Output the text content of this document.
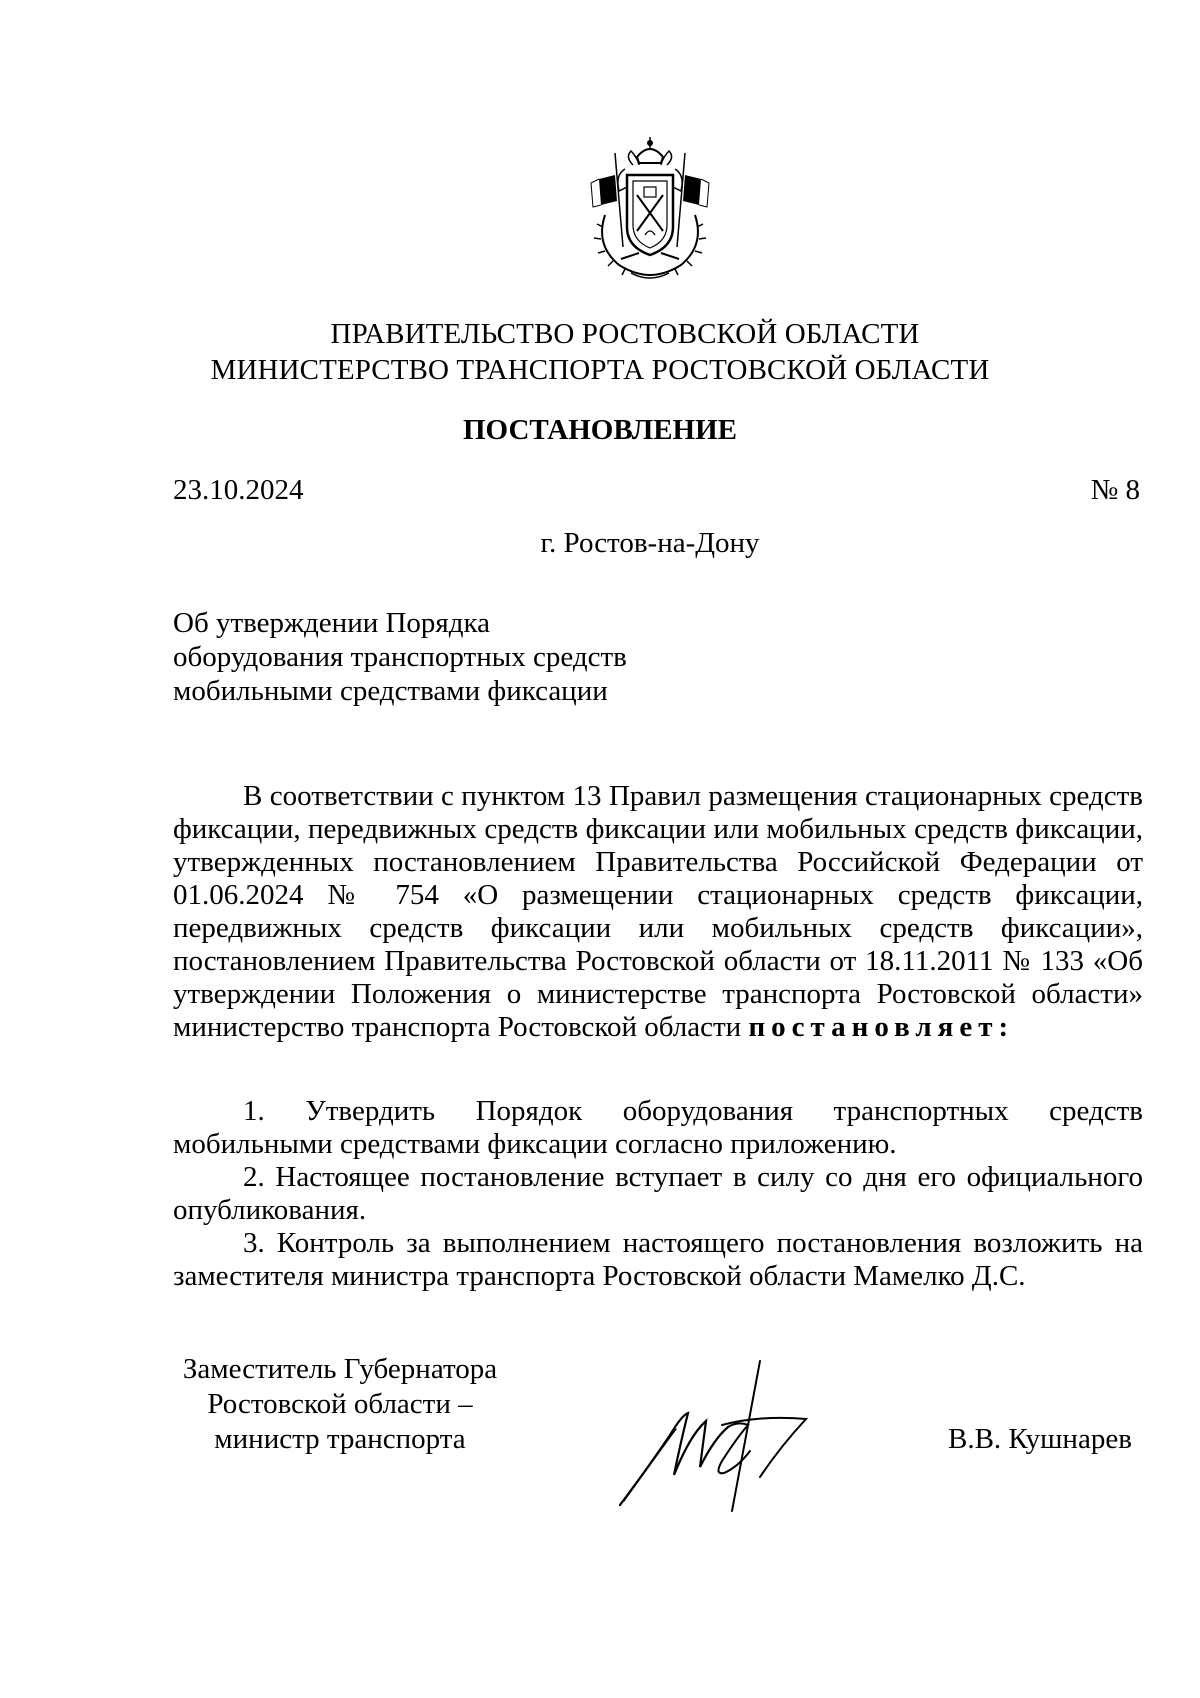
ПРАВИТЕЛЬСТВО РОСТОВСКОЙ ОБЛАСТИ
МИНИСТЕРСТВО ТРАНСПОРТА РОСТОВСКОЙ ОБЛАСТИ
ПОСТАНОВЛЕНИЕ
23.10.2024	№ 8
г. Ростов-на-Дону
Об утверждении Порядка
оборудования транспортных средств
мобильными средствами фиксации

В соответствии с пунктом 13 Правил размещения стационарных средств фиксации, передвижных средств фиксации или мобильных средств фиксации, утвержденных постановлением Правительства Российской Федерации от 01.06.2024 № 754 «О размещении стационарных средств фиксации, передвижных средств фиксации или мобильных средств фиксации», постановлением Правительства Ростовской области от 18.11.2011 № 133 «Об утверждении Положения о министерстве транспорта Ростовской области» министерство транспорта Ростовской области постановляет:

1. Утвердить Порядок оборудования транспортных средств мобильными средствами фиксации согласно приложению.

2. Настоящее постановление вступает в силу со дня его официального опубликования.

3. Контроль за выполнением настоящего постановления возложить на заместителя министра транспорта Ростовской области Мамелко Д.С.

Заместитель Губернатора
Ростовской области –
министр транспорта	В.В. Кушнарев
